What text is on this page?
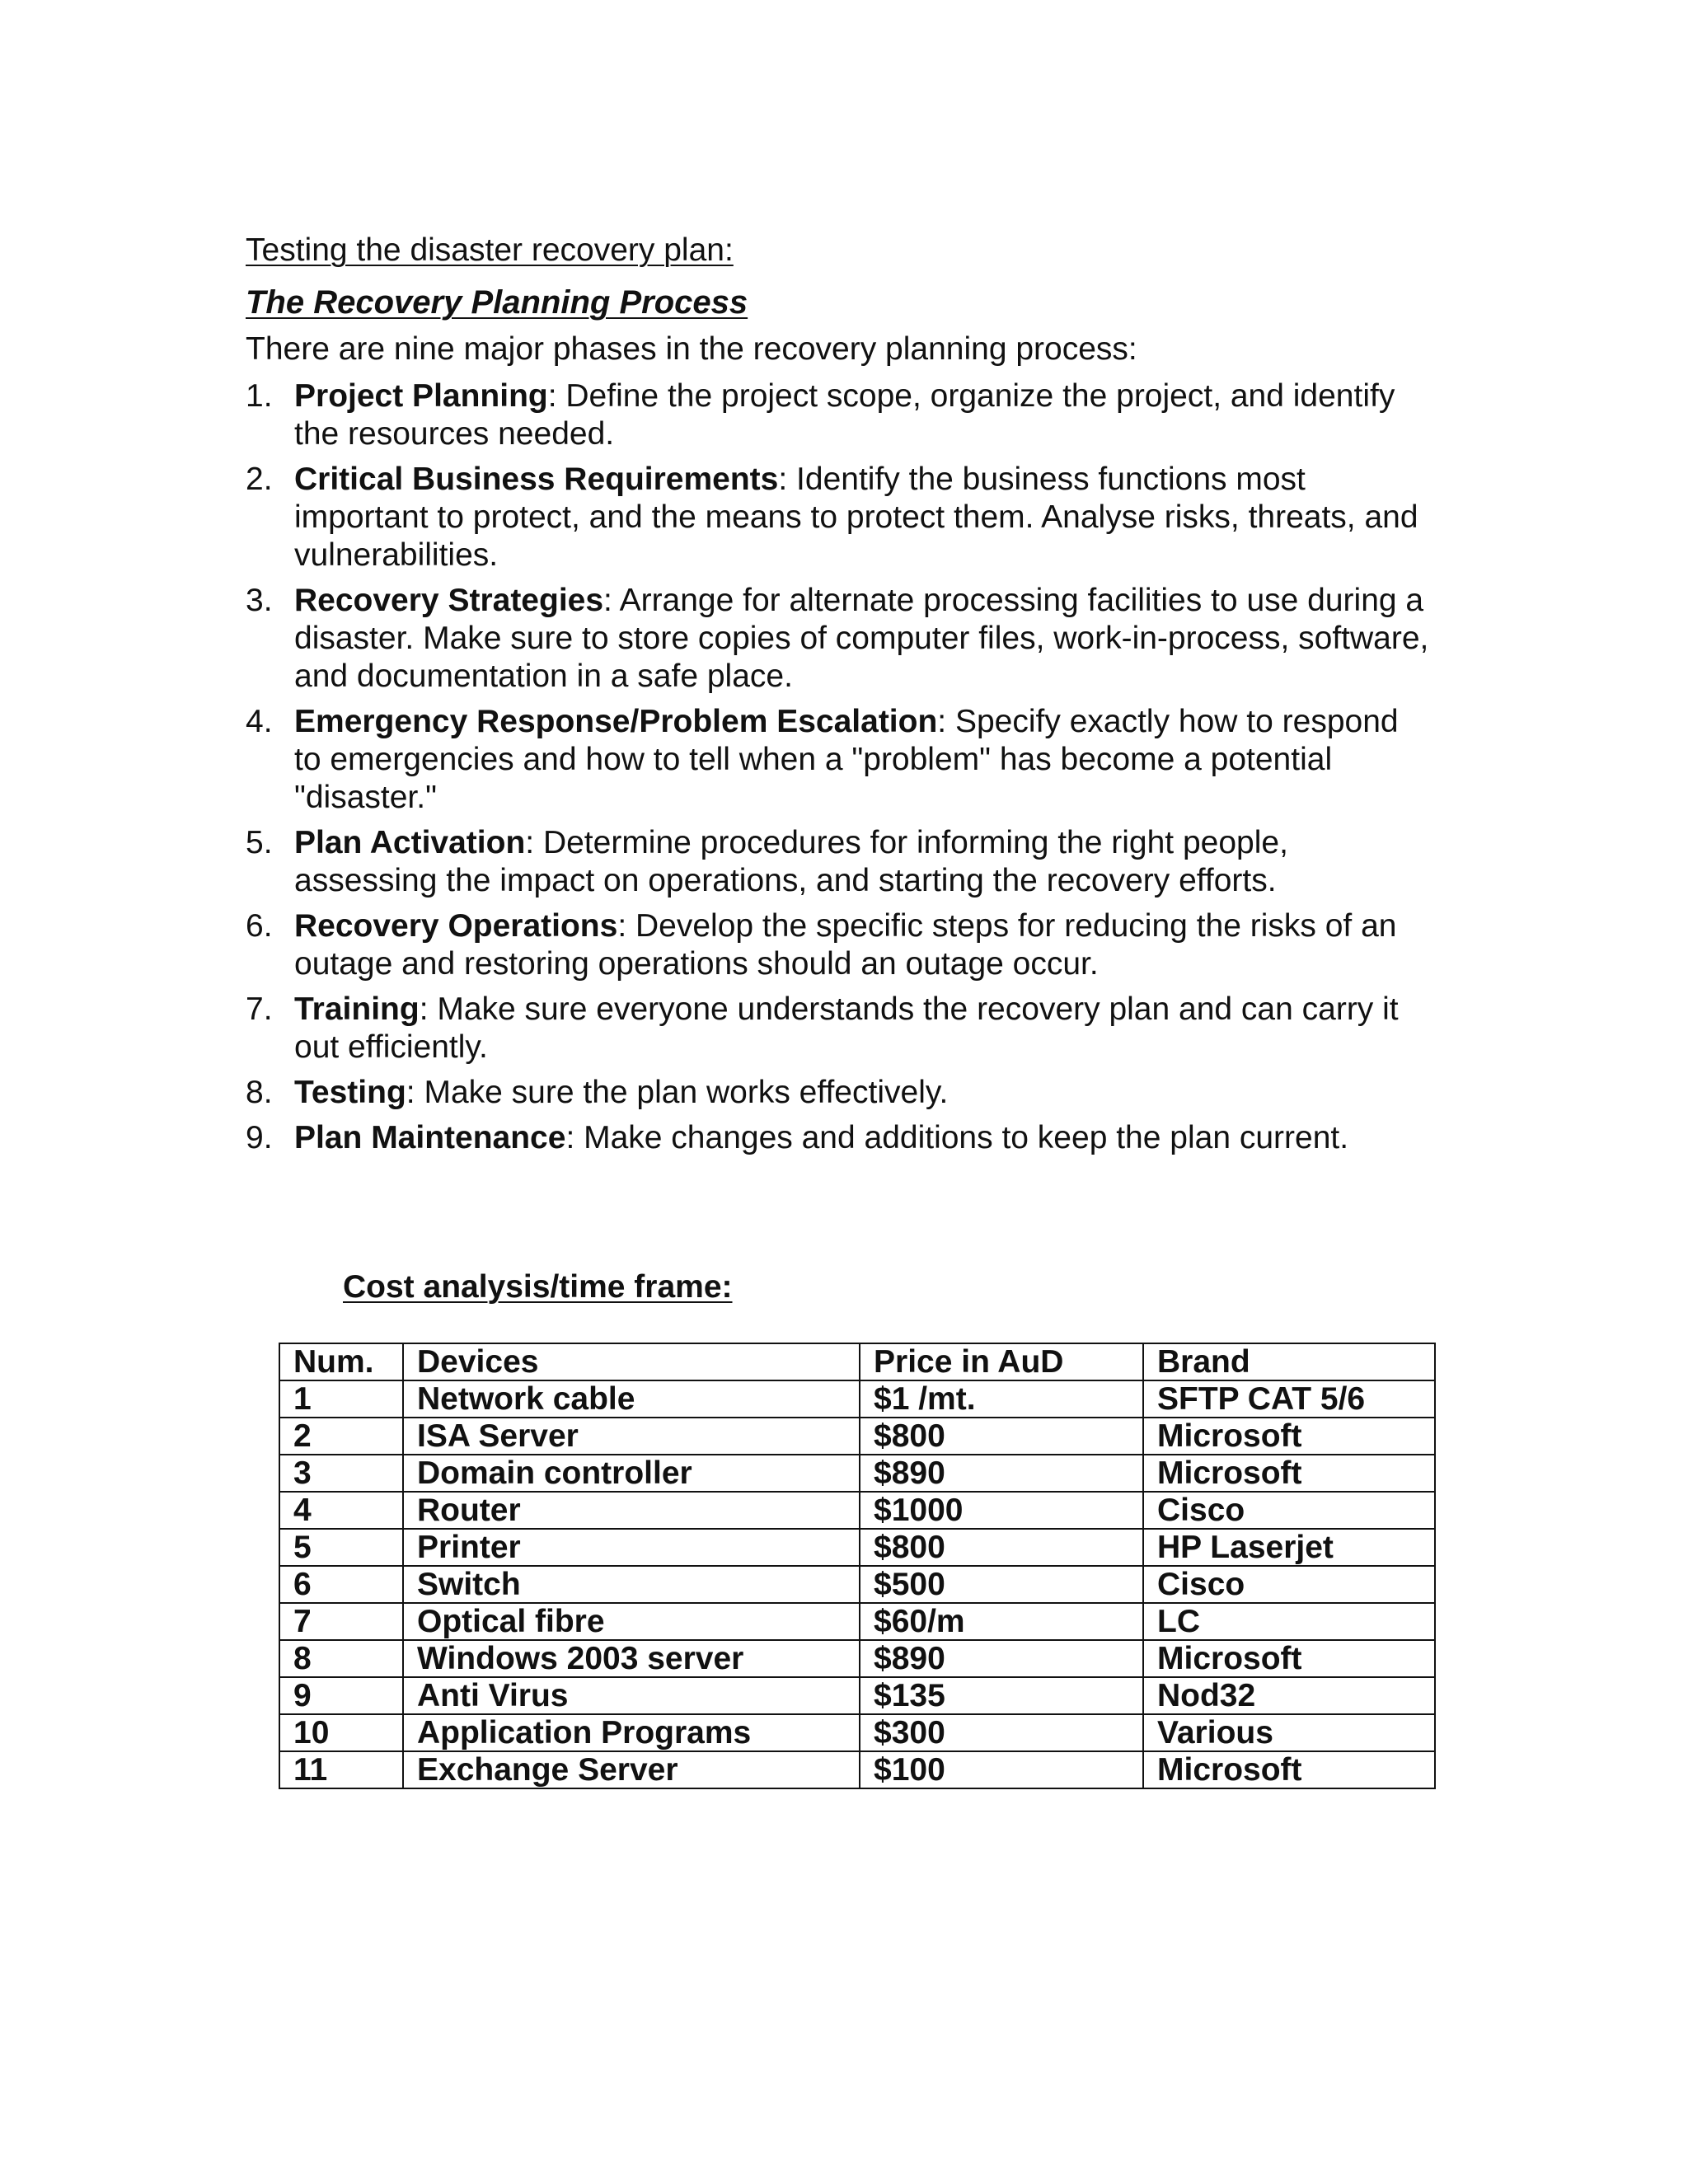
Testing the disaster recovery plan:
The Recovery Planning Process
There are nine major phases in the recovery planning process:
1. Project Planning: Define the project scope, organize the project, and identify the resources needed.
2. Critical Business Requirements: Identify the business functions most important to protect, and the means to protect them. Analyse risks, threats, and vulnerabilities.
3. Recovery Strategies: Arrange for alternate processing facilities to use during a disaster. Make sure to store copies of computer files, work-in-process, software, and documentation in a safe place.
4. Emergency Response/Problem Escalation: Specify exactly how to respond to emergencies and how to tell when a "problem" has become a potential "disaster."
5. Plan Activation: Determine procedures for informing the right people, assessing the impact on operations, and starting the recovery efforts.
6. Recovery Operations: Develop the specific steps for reducing the risks of an outage and restoring operations should an outage occur.
7. Training: Make sure everyone understands the recovery plan and can carry it out efficiently.
8. Testing: Make sure the plan works effectively.
9. Plan Maintenance: Make changes and additions to keep the plan current.
Cost analysis/time frame:
Num.	Devices	Price in AuD	Brand
1	Network cable	$1 /mt.	SFTP CAT 5/6
2	ISA Server	$800	Microsoft
3	Domain controller	$890	Microsoft
4	Router	$1000	Cisco
5	Printer	$800	HP Laserjet
6	Switch	$500	Cisco
7	Optical fibre	$60/m	LC
8	Windows 2003 server	$890	Microsoft
9	Anti Virus	$135	Nod32
10	Application Programs	$300	Various
11	Exchange Server	$100	Microsoft
